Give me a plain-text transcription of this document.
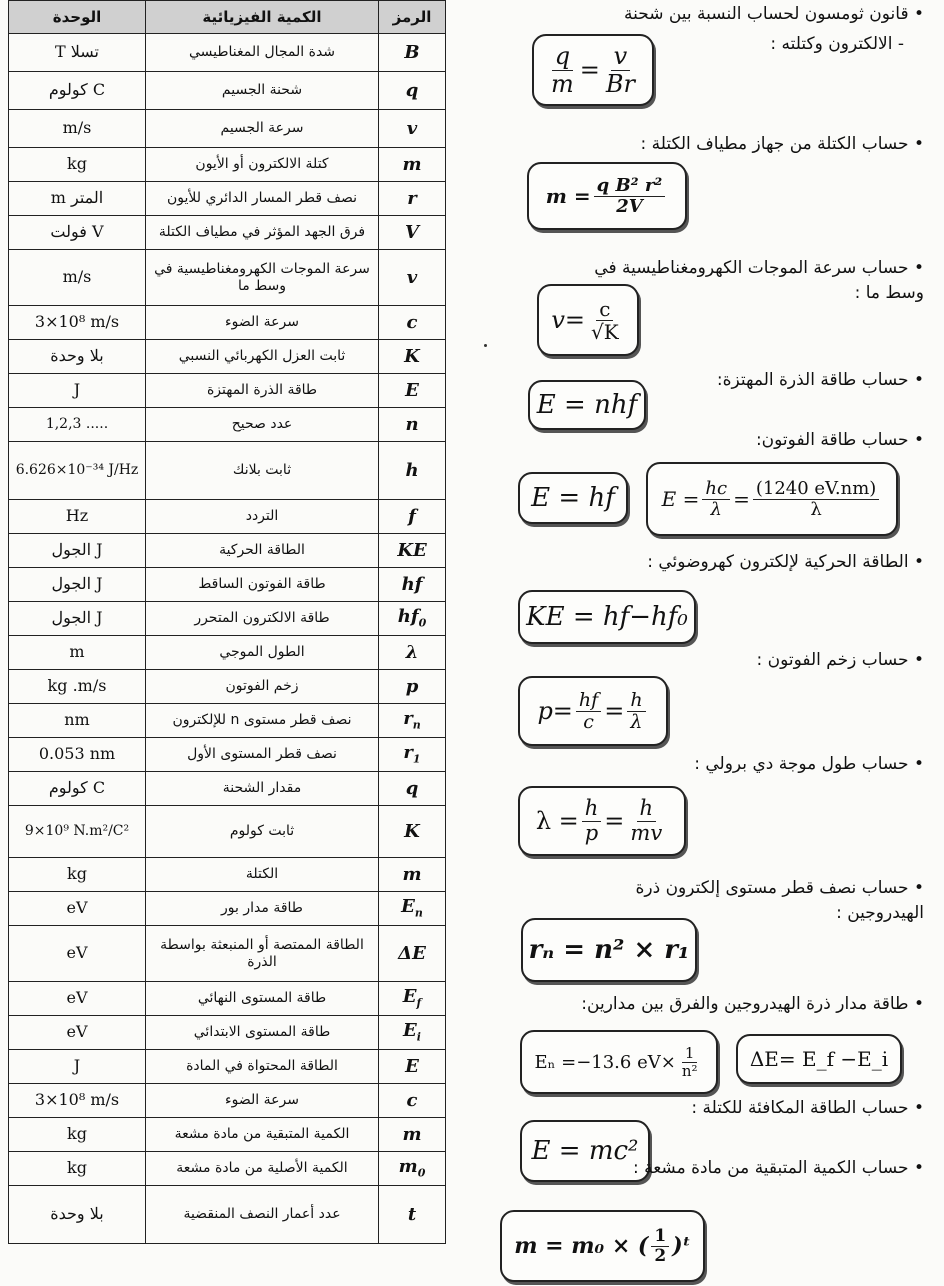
الوحدة	الكمية الفيزيائية	الرمز
T تسلا	شدة المجال المغناطيسي	B
كولوم C	شحنة الجسيم	q
m/s	سرعة الجسيم	v
kg	كتلة الالكترون أو الأيون	m
m المتر	نصف قطر المسار الدائري للأيون	r
فولت V	فرق الجهد المؤثر في مطياف الكتلة	V
m/s	سرعة الموجات الكهرومغناطيسية في وسط ما	v
3×10⁸ m/s	سرعة الضوء	c
بلا وحدة	ثابت العزل الكهربائي النسبي	K
J	طاقة الذرة المهتزة	E
1,2,3 .....	عدد صحيح	n
6.626×10⁻³⁴ J/Hz	ثابت بلانك	h
Hz	التردد	f
الجول J	الطاقة الحركية	KE
الجول J	طاقة الفوتون الساقط	hf
الجول J	طاقة الالكترون المتحرر	$hf_0$
m	الطول الموجي	λ
kg .m/s	زخم الفوتون	p
nm	نصف قطر مستوى n للإلكترون	$r_n$
0.053 nm	نصف قطر المستوى الأول	$r_1$
كولوم C	مقدار الشحنة	q
9×10⁹ N.m²/C²	ثابت كولوم	K
kg	الكتلة	m
eV	طاقة مدار بور	$E_n$
eV	الطاقة الممتصة أو المنبعثة بواسطة الذرة	ΔE
eV	طاقة المستوى النهائي	$E_f$
eV	طاقة المستوى الابتدائي	$E_i$
J	الطاقة المحتواة في المادة	E
3×10⁸ m/s	سرعة الضوء	c
kg	الكمية المتبقية من مادة مشعة	m
kg	الكمية الأصلية من مادة مشعة	$m_0$
بلا وحدة	عدد أعمار النصف المنقضية	t
• قانون ثومسون لحساب النسبة بين شحنة
- الالكترون وكتلته :
$\frac{q}{m} = \frac{v}{Br}$
• حساب الكتلة من جهاز مطياف الكتلة :
$m = \frac{\text{q B² r²}}{2V}$
• حساب سرعة الموجات الكهرومغناطيسية في وسط ما :
$v= \frac{c}{√K}$
• حساب طاقة الذرة المهتزة:
E = nhf
• حساب طاقة الفوتون:
E = hf	$E = \frac{hc}{\lambda} = \frac{(1240 eV.nm)}{\lambda}$
• الطاقة الحركية لإلكترون كهروضوئي :
KE = hf−hf₀
• حساب زخم الفوتون :
$p= \frac{hf}{c} = \frac{h}{\lambda}$
• حساب طول موجة دي برولي :
$\lambda = \frac{h}{p} = \frac{h}{mv}$
• حساب نصف قطر مستوى إلكترون ذرة الهيدروجين :
rₙ = n² × r₁
• طاقة مدار ذرة الهيدروجين والفرق بين مدارين:
Eₙ =−13.6 $eV\times \frac{1}{\text{n²}}$	ΔE= E_f −E_i
• حساب الطاقة المكافئة للكتلة :
E = mc²
• حساب الكمية المتبقية من مادة مشعة :
m = m₀ × ( $\frac{1}{2}$ )ᵗ
